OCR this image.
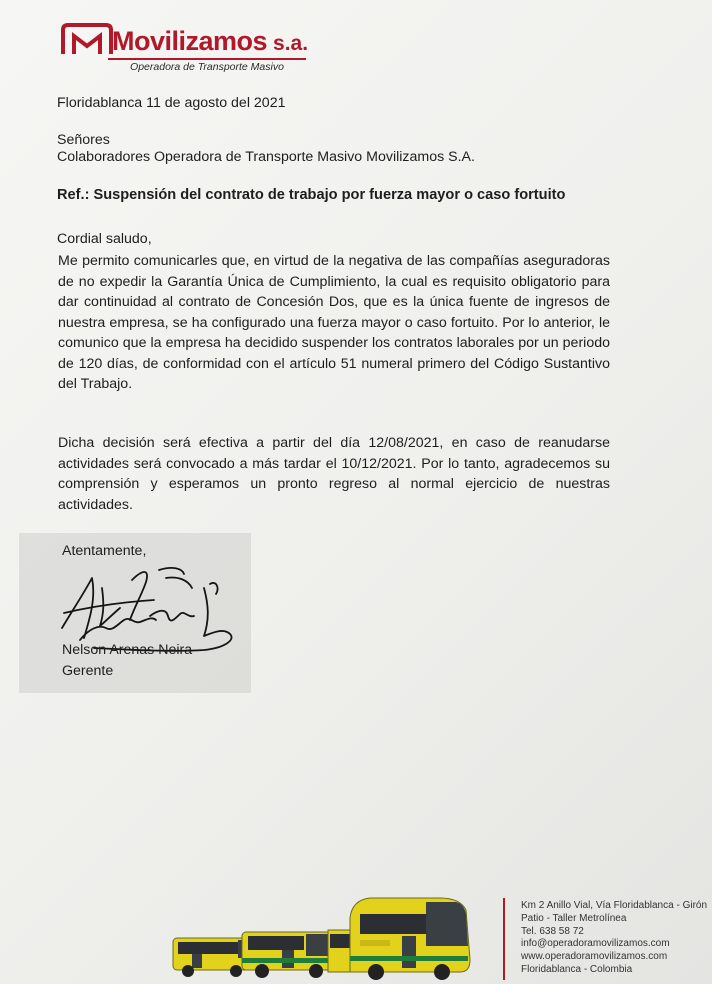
Movilizamos s.a.
Operadora de Transporte Masivo
Floridablanca 11 de agosto del 2021
Señores
Colaboradores Operadora de Transporte Masivo Movilizamos S.A.
Ref.: Suspensión del contrato de trabajo por fuerza mayor o caso fortuito
Cordial saludo,
Me permito comunicarles que, en virtud de la negativa de las compañías aseguradoras de no expedir la Garantía Única de Cumplimiento, la cual es requisito obligatorio para dar continuidad al contrato de Concesión Dos, que es la única fuente de ingresos de nuestra empresa, se ha configurado una fuerza mayor o caso fortuito. Por lo anterior, le comunico que la empresa ha decidido suspender los contratos laborales por un periodo de 120 días, de conformidad con el artículo 51 numeral primero del Código Sustantivo del Trabajo.
Dicha decisión será efectiva a partir del día 12/08/2021, en caso de reanudarse actividades será convocado a más tardar el 10/12/2021. Por lo tanto, agradecemos su comprensión y esperamos un pronto regreso al normal ejercicio de nuestras actividades.
Atentamente,
Nelson Arenas Neira
Gerente
Km 2 Anillo Vial, Vía Floridablanca - Girón
Patio - Taller Metrolínea
Tel. 638 58 72
info@operadoramovilizamos.com
www.operadoramovilizamos.com
Floridablanca - Colombia
